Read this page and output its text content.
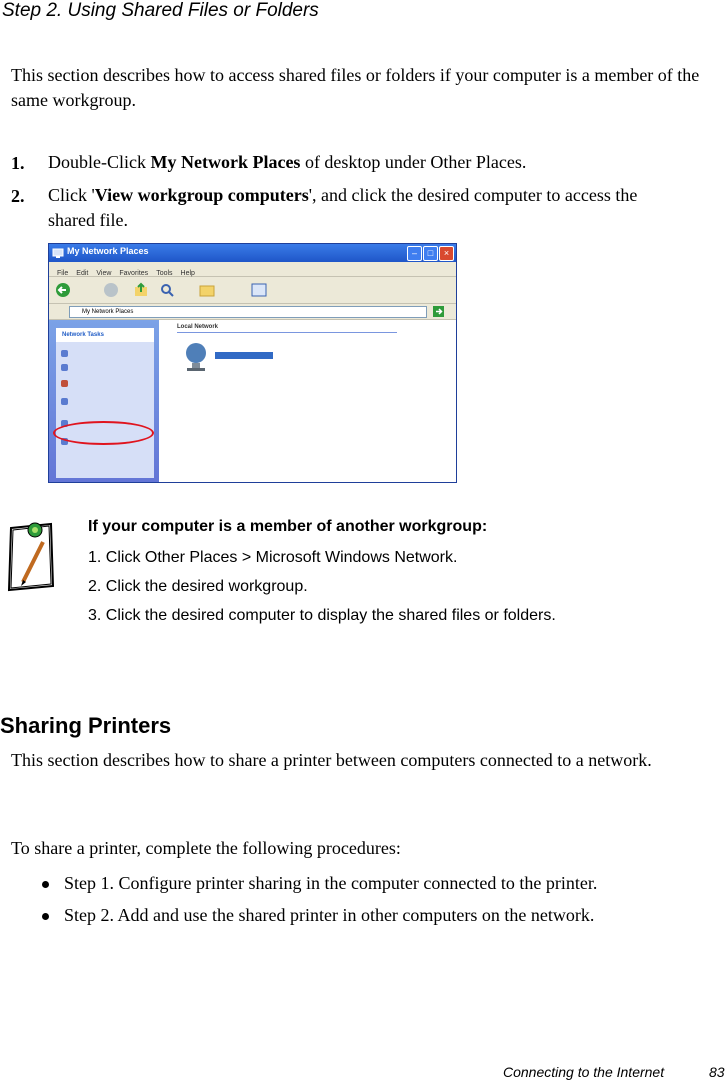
Step 2. Using Shared Files or Folders
This section describes how to access shared files or folders if your computer is a member of the same workgroup.
1. Double-Click My Network Places of desktop under Other Places.
2. Click 'View workgroup computers', and click the desired computer to access the
shared file.
My Network Places	–	□	×
File Edit View Favorites Tools Help
My Network Places
Network Tasks
Local Network
If your computer is a member of another workgroup:
1. Click Other Places > Microsoft Windows Network.
2. Click the desired workgroup.
3. Click the desired computer to display the shared files or folders.
Sharing Printers
This section describes how to share a printer between computers connected to a network.
To share a printer, complete the following procedures:
Step 1. Configure printer sharing in the computer connected to the printer.
Step 2. Add and use the shared printer in other computers on the network.
Connecting to the Internet	83
